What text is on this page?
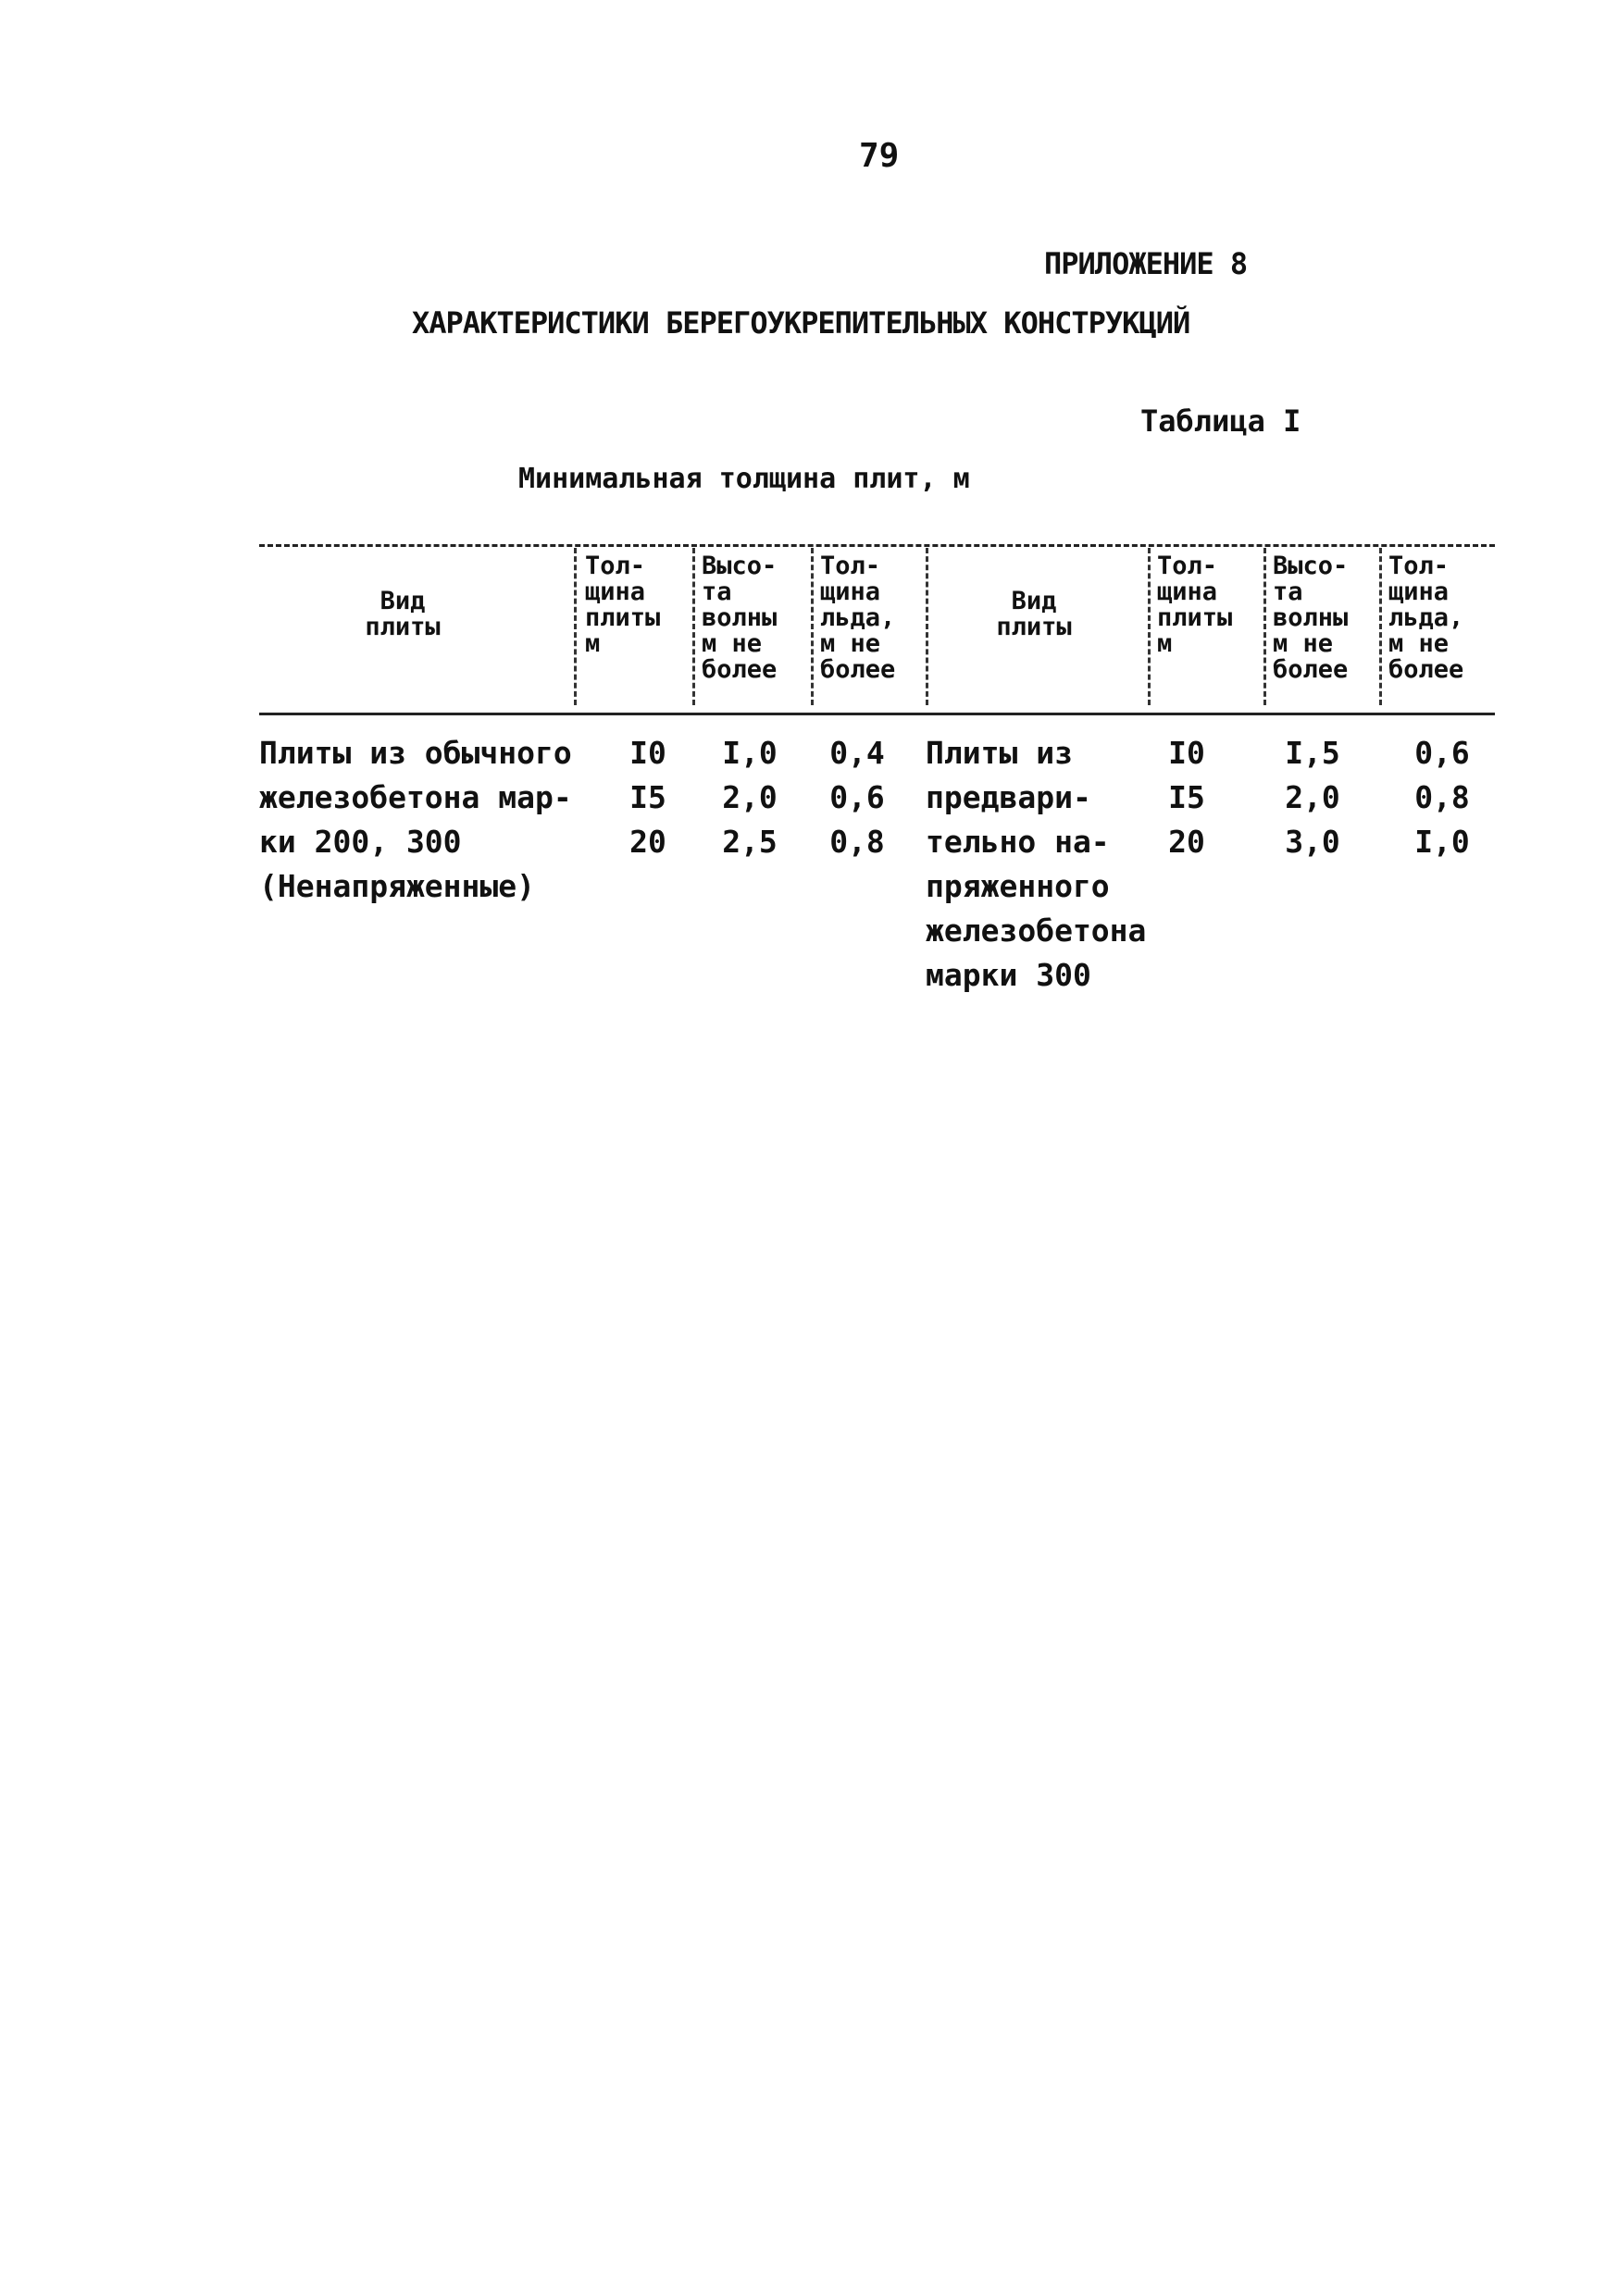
79
ПРИЛОЖЕНИЕ 8
ХАРАКТЕРИСТИКИ БЕРЕГОУКРЕПИТЕЛЬНЫХ КОНСТРУКЦИЙ
Таблица I
Минимальная толщина плит, м
Вид
плиты
Тол-
щина
плиты
м
Высо-
та
волны
м не
более
Тол-
щина
льда,
м не
более
Вид
плиты
Тол-
щина
плиты
м
Высо-
та
волны
м не
более
Тол-
щина
льда,
м не
более
Плиты из обычного
железобетона мар-
ки 200, 300
(Ненапряженные)
I0
I5
20
I,0
2,0
2,5
0,4
0,6
0,8
Плиты из
предвари-
тельно на-
пряженного
железобетона
марки 300
I0
I5
20
I,5
2,0
3,0
0,6
0,8
I,0
